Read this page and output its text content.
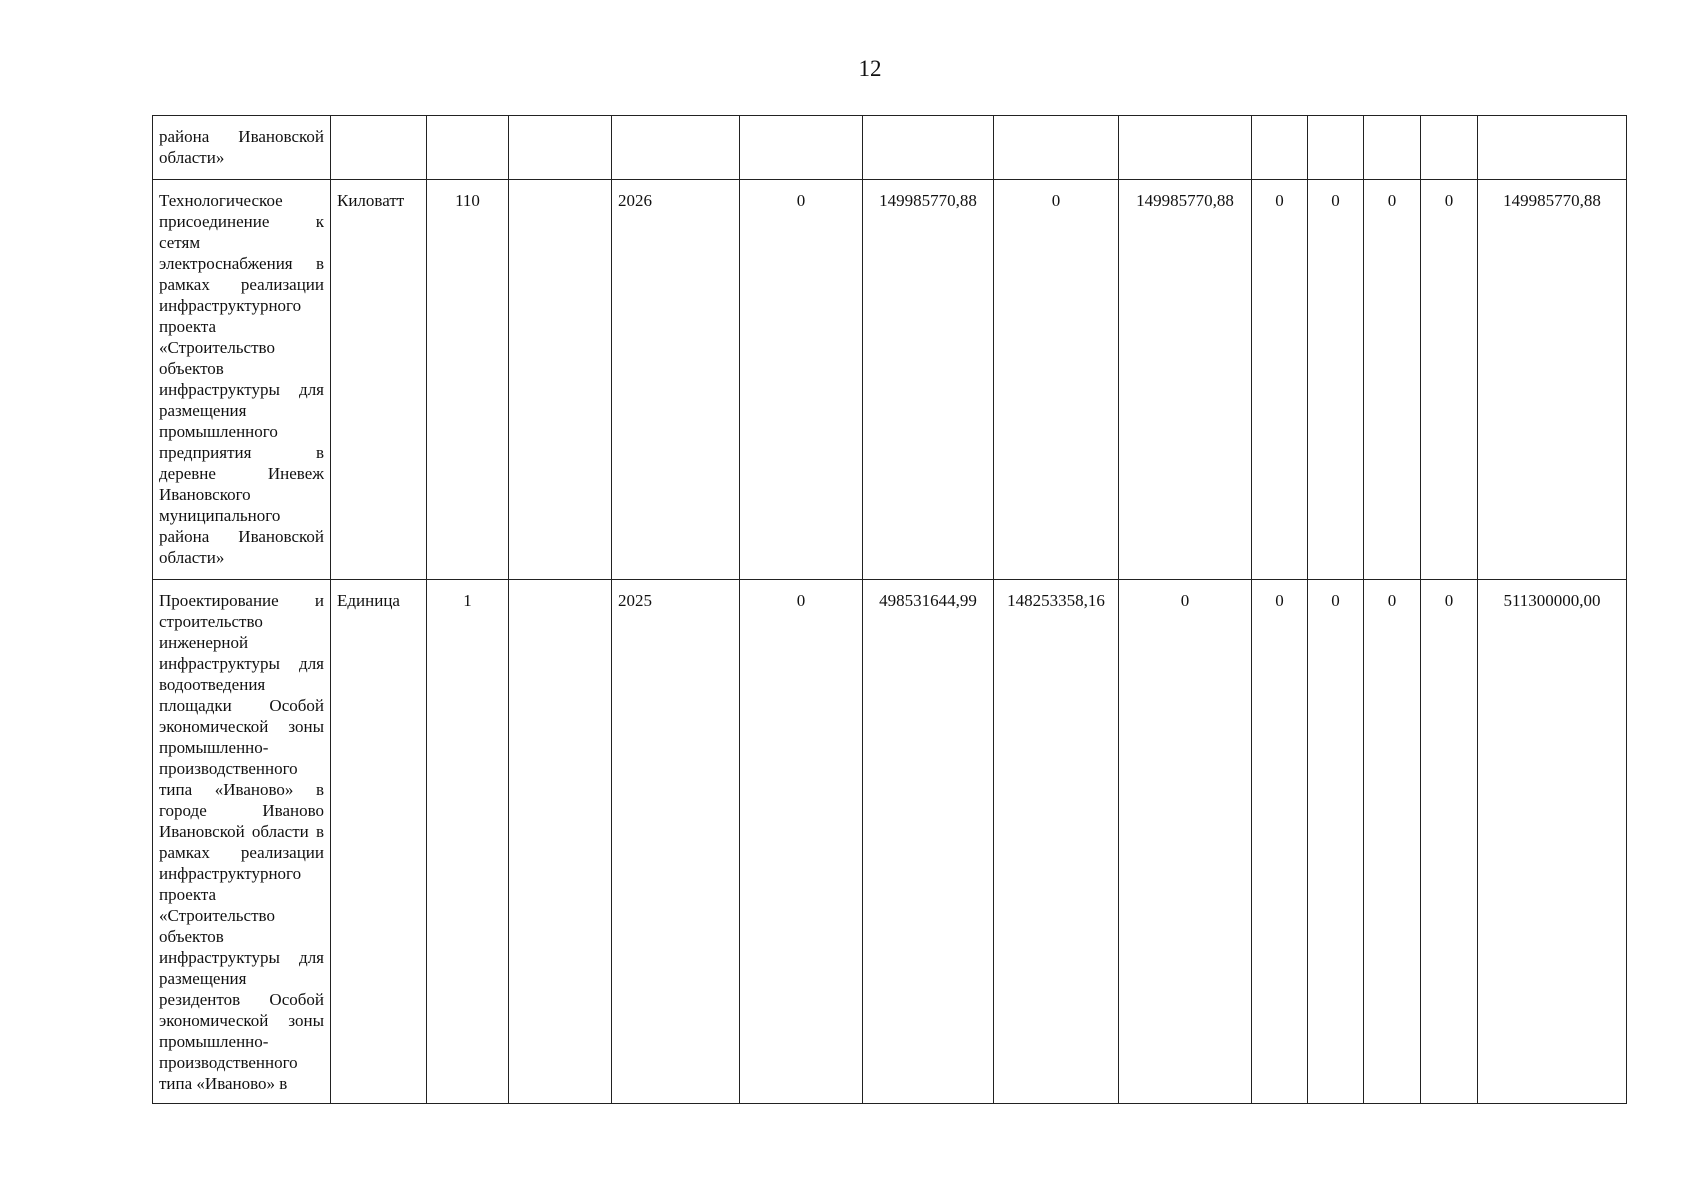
12
района Ивановской области»													
Технологическое присоединение к сетям электроснабжения в рамках реализации инфраструктурного проекта «Строительство объектов инфраструктуры для размещения промышленного предприятия в деревне Иневеж Ивановского муниципального района Ивановской области»	Киловатт	110		2026	0	149985770,88	0	149985770,88	0	0	0	0	149985770,88
Проектирование и строительство инженерной инфраструктуры для водоотведения площадки Особой экономической зоны промышленно-производственного типа «Иваново» в городе Иваново Ивановской области в рамках реализации инфраструктурного проекта «Строительство объектов инфраструктуры для размещения резидентов Особой экономической зоны промышленно-производственного типа «Иваново» в	Единица	1		2025	0	498531644,99	148253358,16	0	0	0	0	0	511300000,00
